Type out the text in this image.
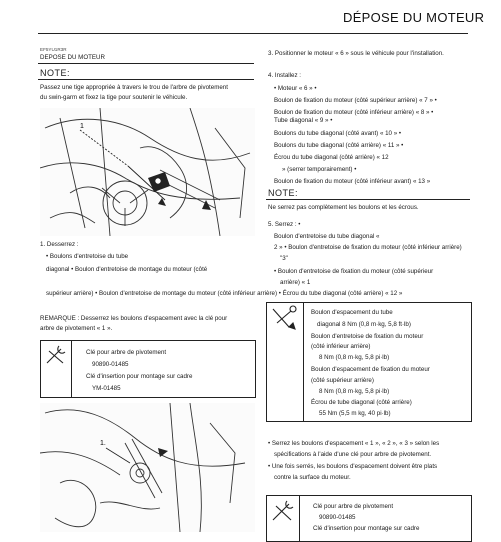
DÉPOSE DU MOTEUR
EF5YU1R3R
DEPOSE DU MOTEUR
NOTE:
Passez une tige appropriée à travers le trou de l'arbre de pivotement
du swin-garm et fixez la tige pour soutenir le véhicule.
1
1. Desserrez :
• Boulons d'entretoise du tube
diagonal • Boulon d'entretoise de montage du moteur (côté
supérieur arrière) • Boulon d'entretoise de montage du moteur (côté inférieur arrière) • Écrou du tube diagonal (côté arrière) « 12 »
REMARQUE : Desserrez les boulons d'espacement avec la clé pour
arbre de pivotement « 1 ».
Clé pour arbre de pivotement
90890-01485
Clé d'insertion pour montage sur cadre
YM-01485
1.
3. Positionner le moteur « 6 » sous le véhicule pour l'installation.
4. Installez :
• Moteur « 6 » •
Boulon de fixation du moteur (côté supérieur arrière) « 7 » •
Boulon de fixation du moteur (côté inférieur arrière) « 8 » •
Tube diagonal « 9 » •
Boulons du tube diagonal (côté avant) « 10 » •
Boulons du tube diagonal (côté arrière) « 11 » •
Écrou du tube diagonal (côté arrière) « 12
» (serrer temporairement) •
Boulon de fixation du moteur (côté inférieur avant) « 13 »
NOTE:
Ne serrez pas complètement les boulons et les écrous.
5. Serrez : •
Boulon d'entretoise du tube diagonal «
2 » • Boulon d'entretoise de fixation du moteur (côté inférieur arrière)
"3"
• Boulon d'entretoise de fixation du moteur (côté supérieur
arrière) « 1
Boulon d'espacement du tube
diagonal 8 Nm (0,8 m·kg, 5,8 ft·lb)
Boulon d'entretoise de fixation du moteur
(côté inférieur arrière)
8 Nm (0,8 m·kg, 5,8 pi·lb)
Boulon d'espacement de fixation du moteur
(côté supérieur arrière)
8 Nm (0,8 m·kg, 5,8 pi·lb)
Écrou de tube diagonal (côté arrière)
55 Nm (5,5 m kg, 40 pi·lb)
• Serrez les boulons d'espacement « 1 », « 2 », « 3 » selon les
spécifications à l'aide d'une clé pour arbre de pivotement.
• Une fois serrés, les boulons d'espacement doivent être plats
contre la surface du moteur.
Clé pour arbre de pivotement
90890-01485
Clé d'insertion pour montage sur cadre
